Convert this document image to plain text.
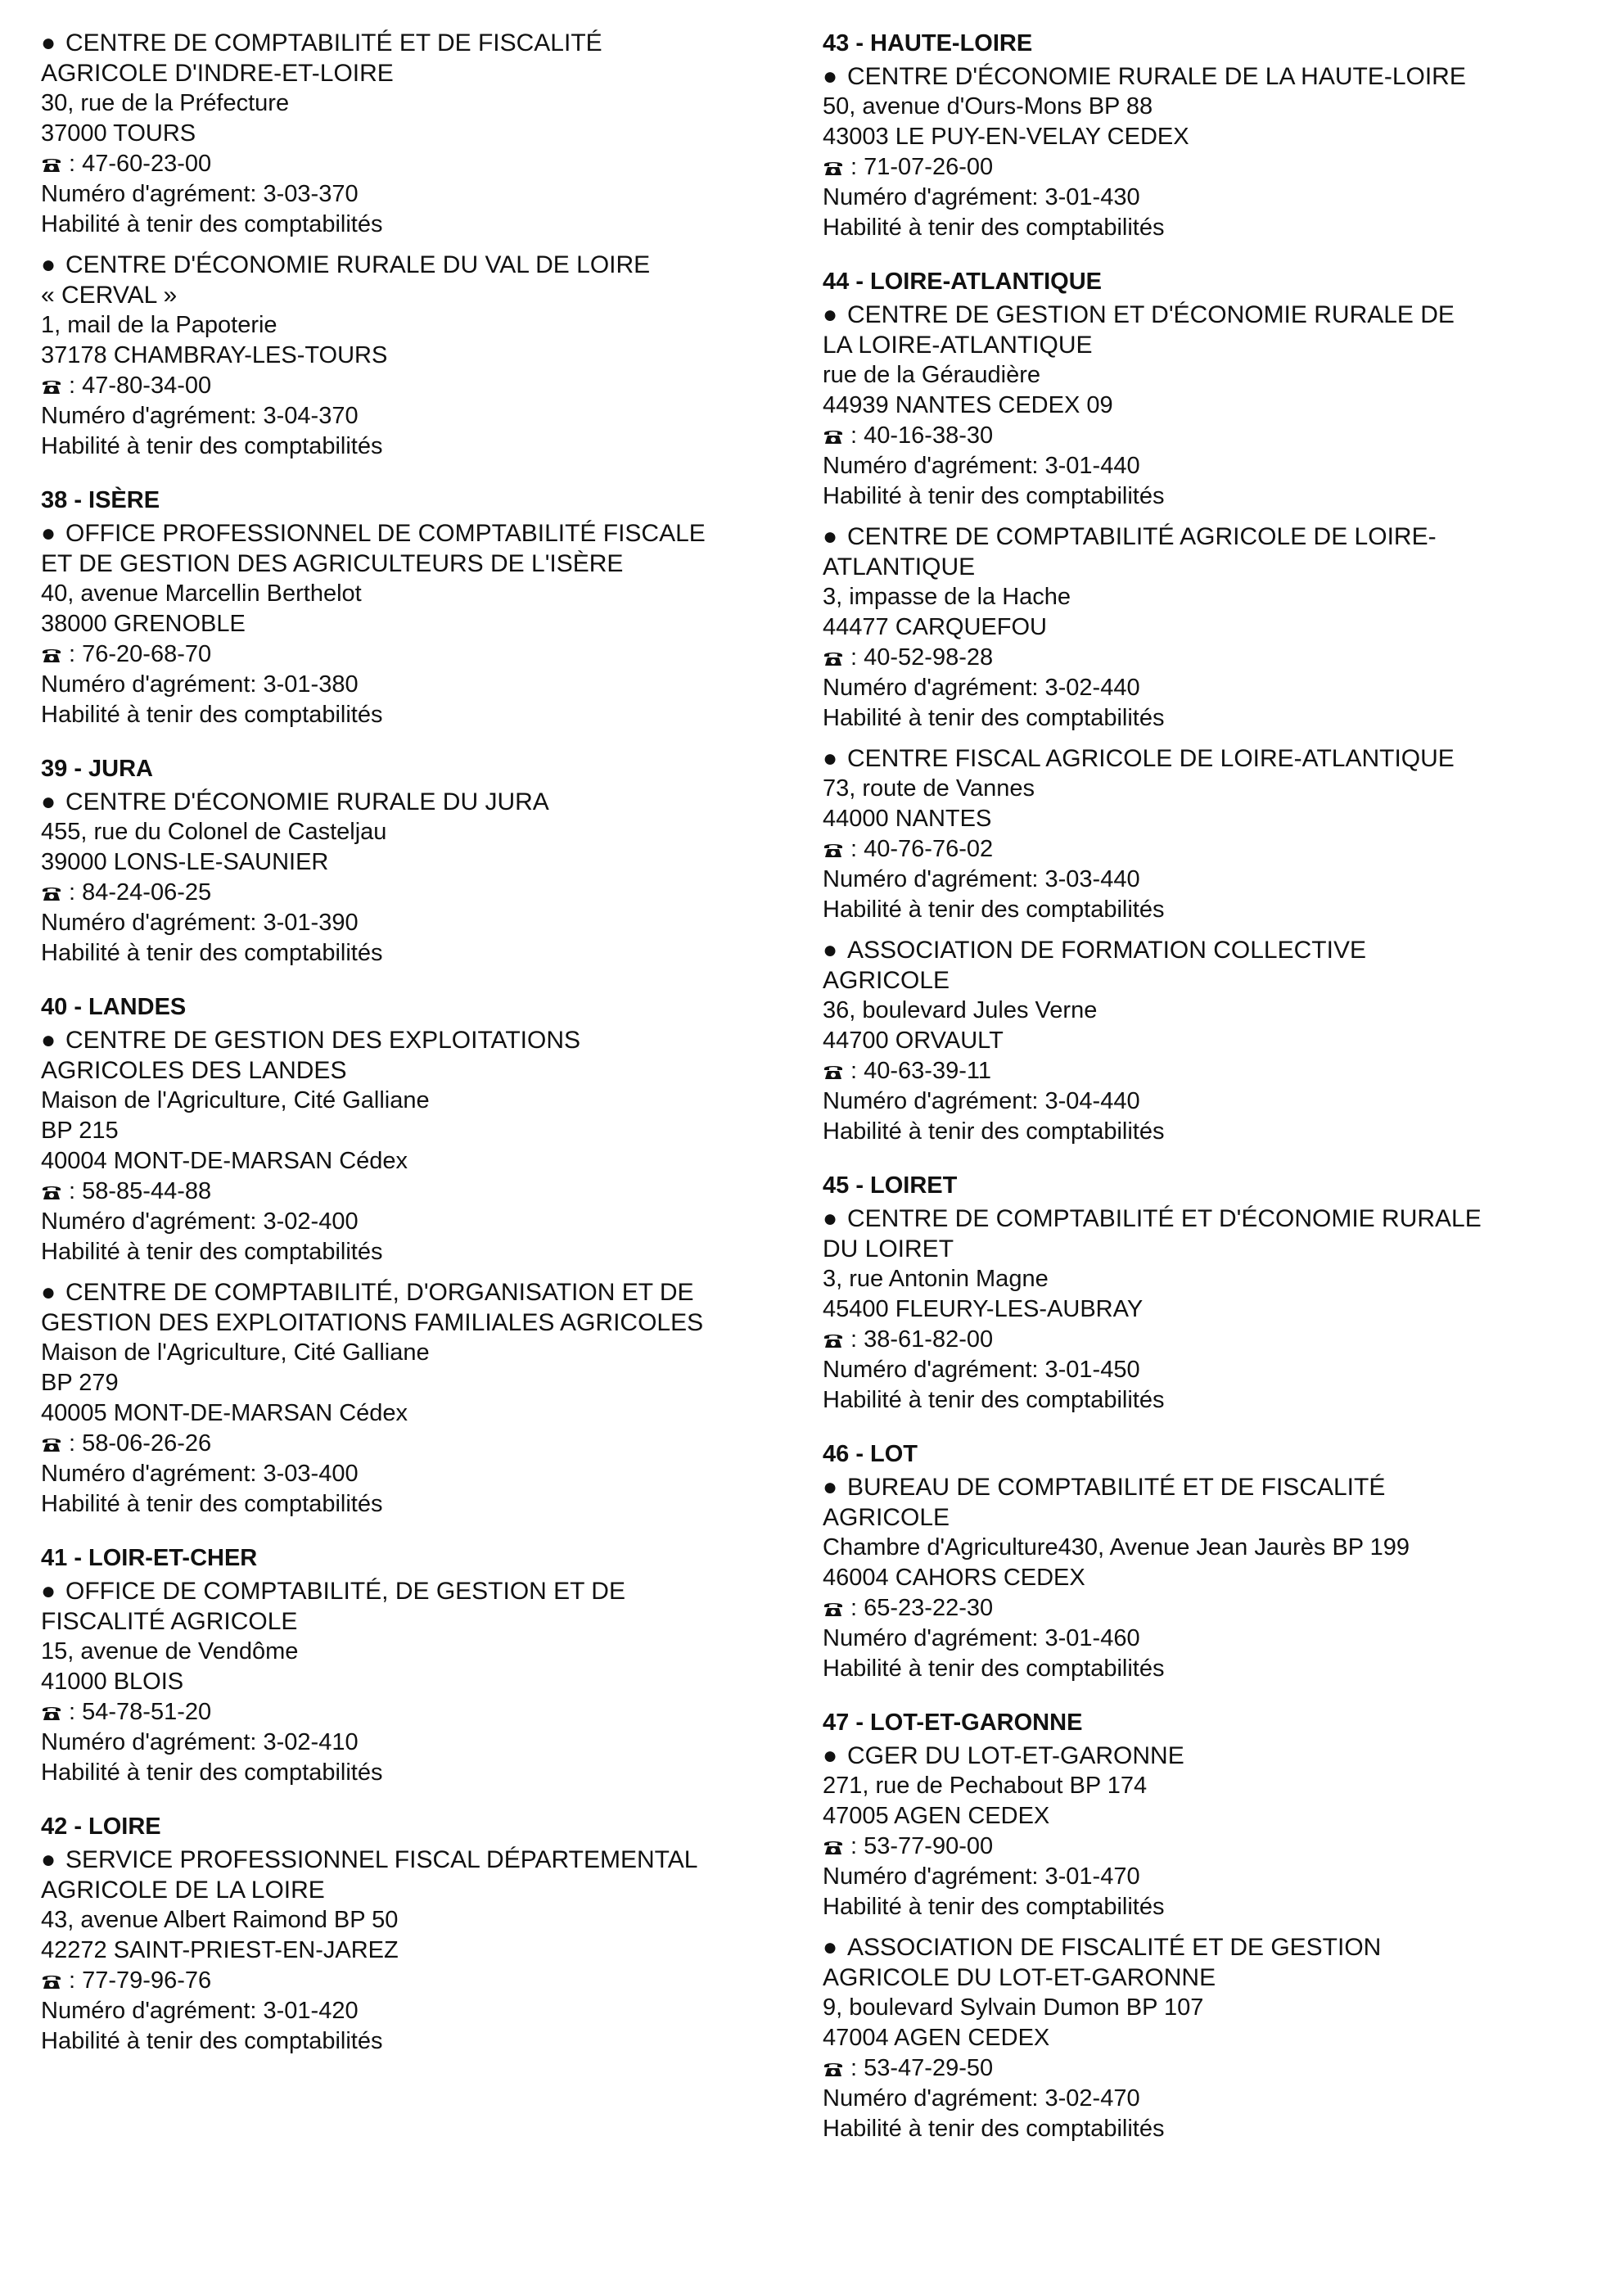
● CENTRE DE COMPTABILITÉ ET DE FISCALITÉ
AGRICOLE D'INDRE-ET-LOIRE
30, rue de la Préfecture
37000 TOURS
: 47-60-23-00
Numéro d'agrément: 3-03-370
Habilité à tenir des comptabilités
● CENTRE D'ÉCONOMIE RURALE DU VAL DE LOIRE
« CERVAL »
1, mail de la Papoterie
37178 CHAMBRAY-LES-TOURS
: 47-80-34-00
Numéro d'agrément: 3-04-370
Habilité à tenir des comptabilités
38 - ISÈRE
● OFFICE PROFESSIONNEL DE COMPTABILITÉ FISCALE
ET DE GESTION DES AGRICULTEURS DE L'ISÈRE
40, avenue Marcellin Berthelot
38000 GRENOBLE
: 76-20-68-70
Numéro d'agrément: 3-01-380
Habilité à tenir des comptabilités
39 - JURA
● CENTRE D'ÉCONOMIE RURALE DU JURA
455, rue du Colonel de Castelјau
39000 LONS-LE-SAUNIER
: 84-24-06-25
Numéro d'agrément: 3-01-390
Habilité à tenir des comptabilités
40 - LANDES
● CENTRE DE GESTION DES EXPLOITATIONS
AGRICOLES DES LANDES
Maison de l'Agriculture, Cité Galliane
BP 215
40004 MONT-DE-MARSAN Cédex
: 58-85-44-88
Numéro d'agrément: 3-02-400
Habilité à tenir des comptabilités
● CENTRE DE COMPTABILITÉ, D'ORGANISATION ET DE
GESTION DES EXPLOITATIONS FAMILIALES AGRICOLES
Maison de l'Agriculture, Cité Galliane
BP 279
40005 MONT-DE-MARSAN Cédex
: 58-06-26-26
Numéro d'agrément: 3-03-400
Habilité à tenir des comptabilités
41 - LOIR-ET-CHER
● OFFICE DE COMPTABILITÉ, DE GESTION ET DE
FISCALITÉ AGRICOLE
15, avenue de Vendôme
41000 BLOIS
: 54-78-51-20
Numéro d'agrément: 3-02-410
Habilité à tenir des comptabilités
42 - LOIRE
● SERVICE PROFESSIONNEL FISCAL DÉPARTEMENTAL
AGRICOLE DE LA LOIRE
43, avenue Albert Raimond BP 50
42272 SAINT-PRIEST-EN-JAREZ
: 77-79-96-76
Numéro d'agrément: 3-01-420
Habilité à tenir des comptabilités
43 - HAUTE-LOIRE
● CENTRE D'ÉCONOMIE RURALE DE LA HAUTE-LOIRE
50, avenue d'Ours-Mons BP 88
43003 LE PUY-EN-VELAY CEDEX
: 71-07-26-00
Numéro d'agrément: 3-01-430
Habilité à tenir des comptabilités
44 - LOIRE-ATLANTIQUE
● CENTRE DE GESTION ET D'ÉCONOMIE RURALE DE
LA LOIRE-ATLANTIQUE
rue de la Géraudière
44939 NANTES CEDEX 09
: 40-16-38-30
Numéro d'agrément: 3-01-440
Habilité à tenir des comptabilités
● CENTRE DE COMPTABILITÉ AGRICOLE DE LOIRE-
ATLANTIQUE
3, impasse de la Hache
44477 CARQUEFOU
: 40-52-98-28
Numéro d'agrément: 3-02-440
Habilité à tenir des comptabilités
● CENTRE FISCAL AGRICOLE DE LOIRE-ATLANTIQUE
73, route de Vannes
44000 NANTES
: 40-76-76-02
Numéro d'agrément: 3-03-440
Habilité à tenir des comptabilités
● ASSOCIATION DE FORMATION COLLECTIVE
AGRICOLE
36, boulevard Jules Verne
44700 ORVAULT
: 40-63-39-11
Numéro d'agrément: 3-04-440
Habilité à tenir des comptabilités
45 - LOIRET
● CENTRE DE COMPTABILITÉ ET D'ÉCONOMIE RURALE
DU LOIRET
3, rue Antonin Magne
45400 FLEURY-LES-AUBRAY
: 38-61-82-00
Numéro d'agrément: 3-01-450
Habilité à tenir des comptabilités
46 - LOT
● BUREAU DE COMPTABILITÉ ET DE FISCALITÉ
AGRICOLE
Chambre d'Agriculture430, Avenue Jean Jaurès BP 199
46004 CAHORS CEDEX
: 65-23-22-30
Numéro d'agrément: 3-01-460
Habilité à tenir des comptabilités
47 - LOT-ET-GARONNE
● CGER DU LOT-ET-GARONNE
271, rue de Pechabout BP 174
47005 AGEN CEDEX
: 53-77-90-00
Numéro d'agrément: 3-01-470
Habilité à tenir des comptabilités
● ASSOCIATION DE FISCALITÉ ET DE GESTION
AGRICOLE DU LOT-ET-GARONNE
9, boulevard Sylvain Dumon BP 107
47004 AGEN CEDEX
: 53-47-29-50
Numéro d'agrément: 3-02-470
Habilité à tenir des comptabilités
